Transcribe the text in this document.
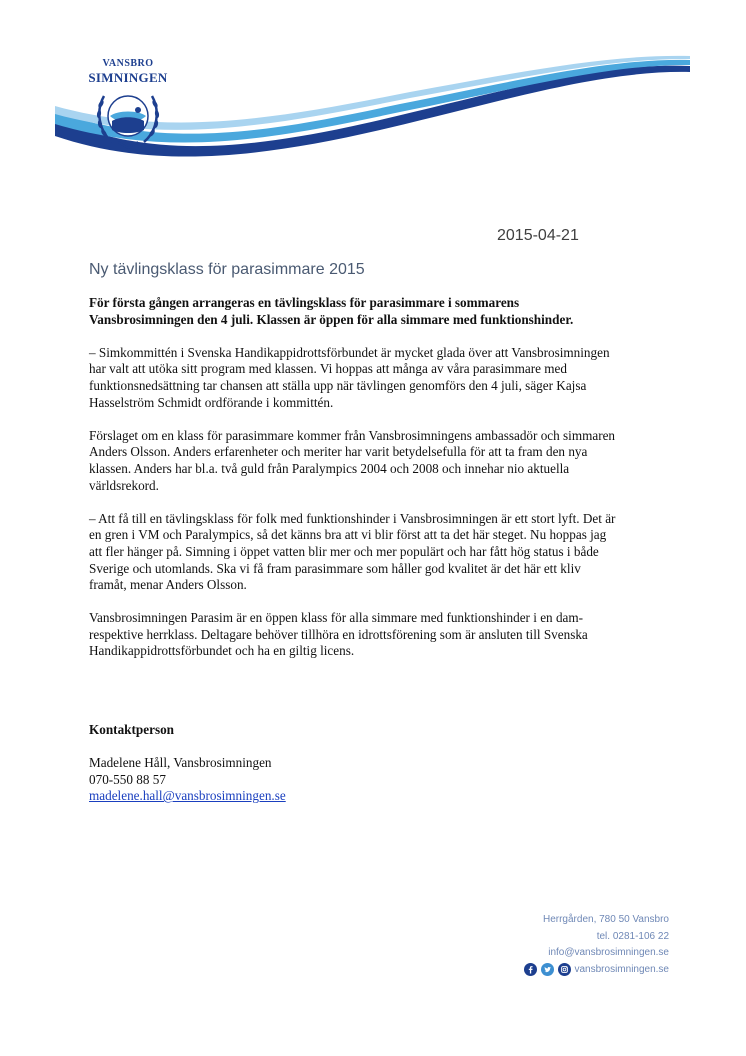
VANSBRO
SIMNINGEN
2015-04-21
Ny tävlingsklass för parasimmare 2015

För första gången arrangeras en tävlingsklass för parasimmare i sommarens Vansbrosimningen den 4 juli. Klassen är öppen för alla simmare med funktionshinder.

– Simkommittén i Svenska Handikappidrottsförbundet är mycket glada över att Vansbrosimningen har valt att utöka sitt program med klassen. Vi hoppas att många av våra parasimmare med funktionsnedsättning tar chansen att ställa upp när tävlingen genomförs den 4 juli, säger Kajsa Hasselström Schmidt ordförande i kommittén.

Förslaget om en klass för parasimmare kommer från Vansbrosimningens ambassadör och simmaren Anders Olsson. Anders erfarenheter och meriter har varit betydelsefulla för att ta fram den nya klassen. Anders har bl.a. två guld från Paralympics 2004 och 2008 och innehar nio aktuella världsrekord.

– Att få till en tävlingsklass för folk med funktionshinder i Vansbrosimningen är ett stort lyft. Det är en gren i VM och Paralympics, så det känns bra att vi blir först att ta det här steget. Nu hoppas jag att fler hänger på. Simning i öppet vatten blir mer och mer populärt och har fått hög status i både Sverige och utomlands. Ska vi få fram parasimmare som håller god kvalitet är det här ett kliv framåt, menar Anders Olsson.

Vansbrosimningen Parasim är en öppen klass för alla simmare med funktionshinder i en dam- respektive herrklass. Deltagare behöver tillhöra en idrottsförening som är ansluten till Svenska Handikappidrottsförbundet och ha en giltig licens.

Kontaktperson
Madelene Håll, Vansbrosimningen
070-550 88 57
madelene.hall@vansbrosimningen.se
Herrgården, 780 50 Vansbro
tel. 0281-106 22
info@vansbrosimningen.se
vansbrosimningen.se
